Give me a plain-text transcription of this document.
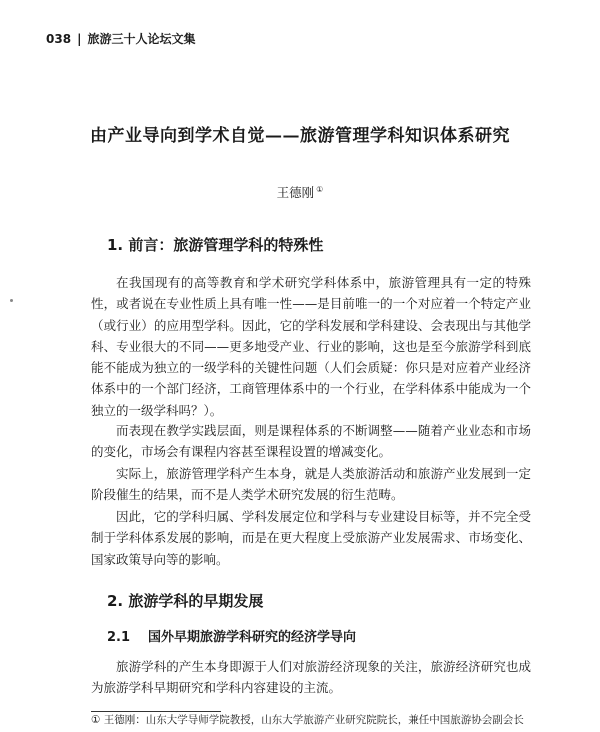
038 | 旅游三十人论坛文集
由产业导向到学术自觉——旅游管理学科知识体系研究
王德刚 ①
1. 前言：旅游管理学科的特殊性

在我国现有的高等教育和学术研究学科体系中，旅游管理具有一定的特殊性，或者说在专业性质上具有唯一性——是目前唯一的一个对应着一个特定产业（或行业）的应用型学科。因此，它的学科发展和学科建设、会表现出与其他学科、专业很大的不同——更多地受产业、行业的影响，这也是至今旅游学科到底能不能成为独立的一级学科的关键性问题（人们会质疑：你只是对应着产业经济体系中的一个部门经济，工商管理体系中的一个行业，在学科体系中能成为一个独立的一级学科吗？）。

而表现在教学实践层面，则是课程体系的不断调整——随着产业业态和市场的变化，市场会有课程内容甚至课程设置的增减变化。

实际上，旅游管理学科产生本身，就是人类旅游活动和旅游产业发展到一定阶段催生的结果，而不是人类学术研究发展的衍生范畴。

因此，它的学科归属、学科发展定位和学科与专业建设目标等，并不完全受制于学科体系发展的影响，而是在更大程度上受旅游产业发展需求、市场变化、国家政策导向等的影响。

2. 旅游学科的早期发展
2.1 国外早期旅游学科研究的经济学导向

旅游学科的产生本身即源于人们对旅游经济现象的关注，旅游经济研究也成为旅游学科早期研究和学科内容建设的主流。

① 王德刚：山东大学导师学院教授，山东大学旅游产业研究院院长，兼任中国旅游协会副会长
